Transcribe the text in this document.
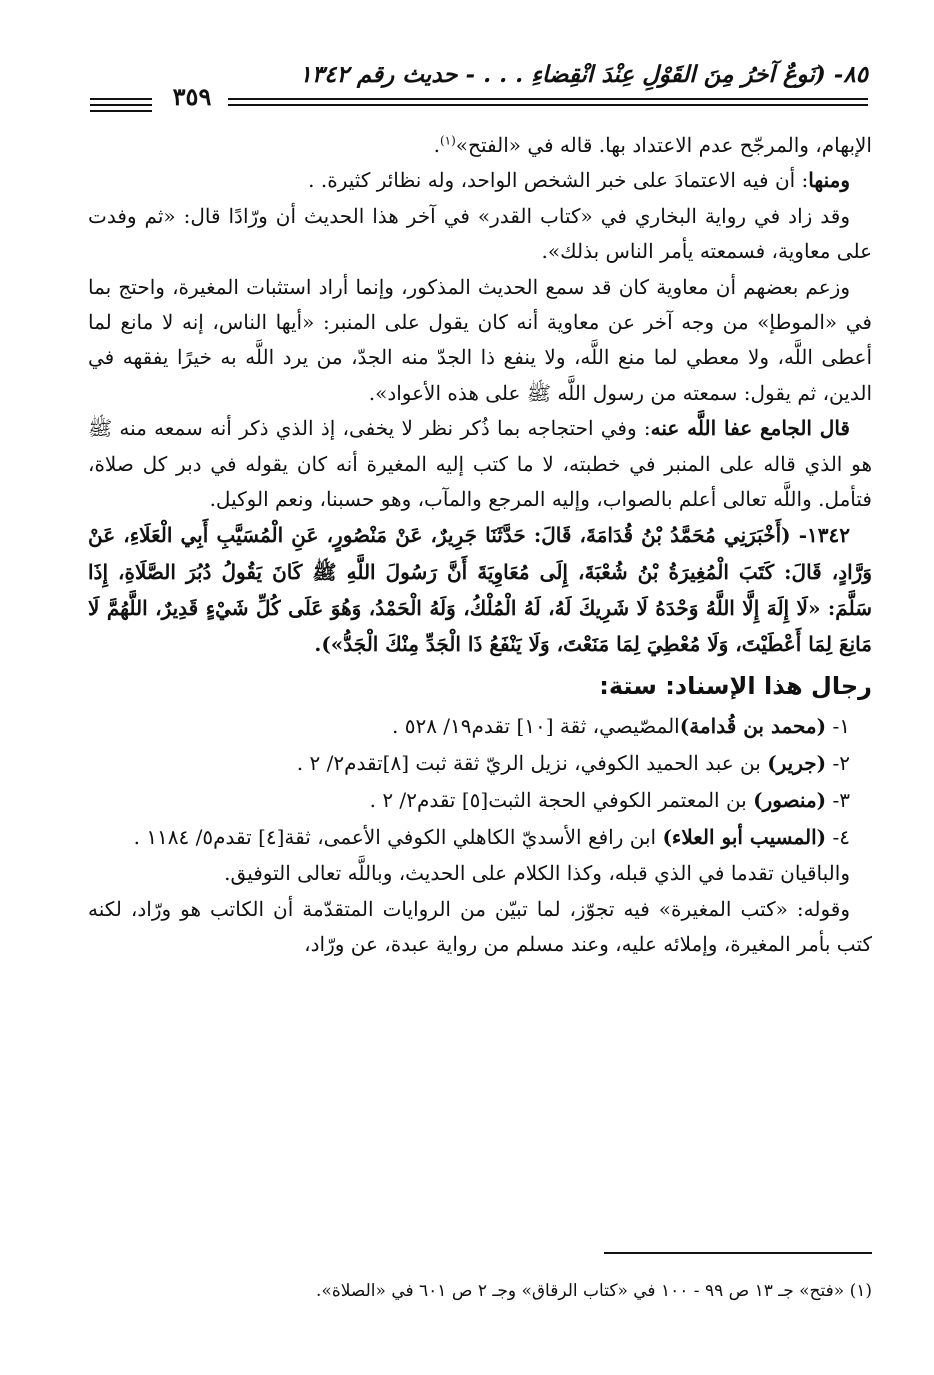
٨٥- (نَوعٌ آخرُ مِنَ القَوْلِ عِنْدَ انْقِضاءِ . . . - حديث رقم ١٣٤٢
٣٥٩

الإبهام، والمرجّح عدم الاعتداد بها. قاله في «الفتح»$^{(١)}$.

ومنها: أن فيه الاعتمادَ على خبر الشخص الواحد، وله نظائر كثيرة. .

وقد زاد في رواية البخاري في «كتاب القدر» في آخر هذا الحديث أن ورّادًا قال: «ثم وفدت على معاوية، فسمعته يأمر الناس بذلك».

وزعم بعضهم أن معاوية كان قد سمع الحديث المذكور، وإنما أراد استثبات المغيرة، واحتج بما في «الموطإ» من وجه آخر عن معاوية أنه كان يقول على المنبر: «أيها الناس، إنه لا مانع لما أعطى اللَّه، ولا معطي لما منع اللَّه، ولا ينفع ذا الجدّ منه الجدّ، من يرد اللَّه به خيرًا يفقهه في الدين، ثم يقول: سمعته من رسول اللَّه ﷺ على هذه الأعواد».

قال الجامع عفا اللَّه عنه: وفي احتجاجه بما ذُكر نظر لا يخفى، إذ الذي ذكر أنه سمعه منه ﷺ هو الذي قاله على المنبر في خطبته، لا ما كتب إليه المغيرة أنه كان يقوله في دبر كل صلاة، فتأمل. واللَّه تعالى أعلم بالصواب، وإليه المرجع والمآب، وهو حسبنا، ونعم الوكيل.

١٣٤٢- (أَخْبَرَنِي مُحَمَّدُ بْنُ قُدَامَةَ، قَالَ: حَدَّثَنَا جَرِيرٌ، عَنْ مَنْصُورٍ، عَنِ الْمُسَيَّبِ أَبِي الْعَلَاءِ، عَنْ وَرَّادٍ، قَالَ: كَتَبَ الْمُغِيرَةُ بْنُ شُعْبَةَ، إِلَى مُعَاوِيَةَ أَنَّ رَسُولَ اللَّهِ ﷺ كَانَ يَقُولُ دُبُرَ الصَّلَاةِ، إِذَا سَلَّمَ: «لَا إِلَهَ إِلَّا اللَّهُ وَحْدَهُ لَا شَرِيكَ لَهُ، لَهُ الْمُلْكُ، وَلَهُ الْحَمْدُ، وَهُوَ عَلَى كُلِّ شَيْءٍ قَدِيرٌ، اللَّهُمَّ لَا مَانِعَ لِمَا أَعْطَيْتَ، وَلَا مُعْطِيَ لِمَا مَنَعْتَ، وَلَا يَنْفَعُ ذَا الْجَدِّ مِنْكَ الْجَدُّ»).

رجال هذا الإسناد: ستة:

١- (محمد بن قُدامة)المصّيصي، ثقة [١٠] تقدم١٩/ ٥٢٨ .

٢- (جرير) بن عبد الحميد الكوفي، نزيل الريّ ثقة ثبت [٨]تقدم٢/ ٢ .

٣- (منصور) بن المعتمر الكوفي الحجة الثبت[٥] تقدم٢/ ٢ .

٤- (المسيب أبو العلاء) ابن رافع الأسديّ الكاهلي الكوفي الأعمى، ثقة[٤] تقدم٥/ ١١٨٤ .

والباقيان تقدما في الذي قبله، وكذا الكلام على الحديث، وباللَّه تعالى التوفيق.

وقوله: «كتب المغيرة» فيه تجوّز، لما تبيّن من الروايات المتقدّمة أن الكاتب هو ورّاد، لكنه كتب بأمر المغيرة، وإملائه عليه، وعند مسلم من رواية عبدة، عن ورّاد،

(١) «فتح» جـ ١٣ ص ٩٩ - ١٠٠ في «كتاب الرقاق» وجـ ٢ ص ٦٠١ في «الصلاة».
